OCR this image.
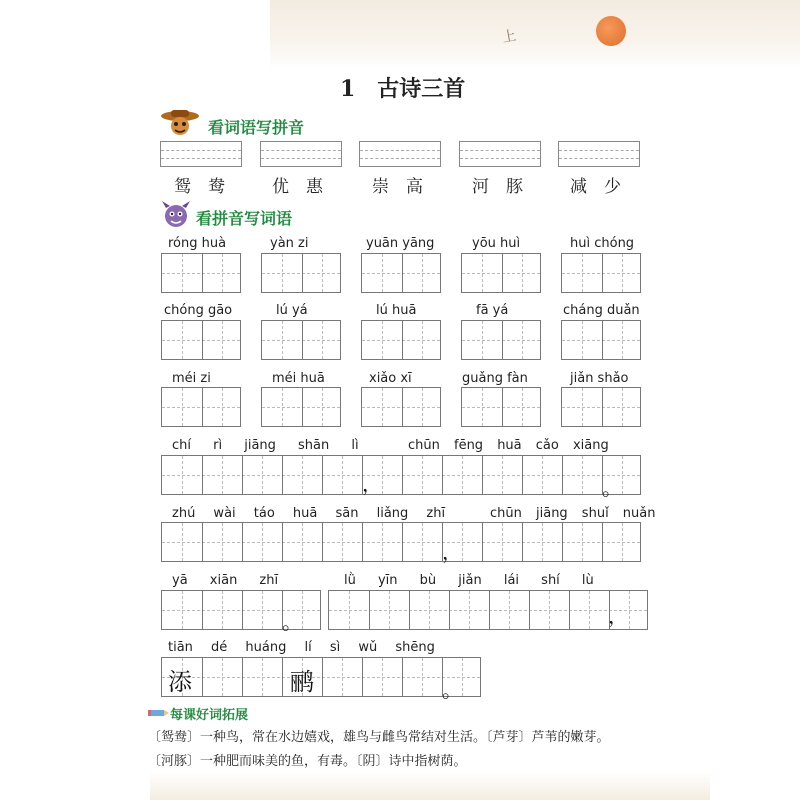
上
1　古诗三首
看词语写拼音
鸳　鸯	优　惠	崇　高	河　豚	减　少
看拼音写词语
róng huà	yàn zi	yuān yāng	yōu huì	huì chóng
chóng gāo	lú yá	lú huā	fā yá	cháng duǎn
méi zi	méi huā	xiǎo xī	guǎng fàn	jiǎn shǎo
chí rì jiāng shān lì	chūn fēng huā cǎo xiāng
zhú wài táo huā sān liǎng zhī	chūn jiāng shuǐ nuǎn
yā xiān zhī	lǜ yīn bù jiǎn lái shí lù
tiān dé huáng lí sì wǔ shēng
，	。
，
。	，
。
添	鹂
每课好词拓展
〔鸳鸯〕一种鸟，常在水边嬉戏，雄鸟与雌鸟常结对生活。〔芦芽〕芦苇的嫩芽。
〔河豚〕一种肥而味美的鱼，有毒。〔阴〕诗中指树荫。
